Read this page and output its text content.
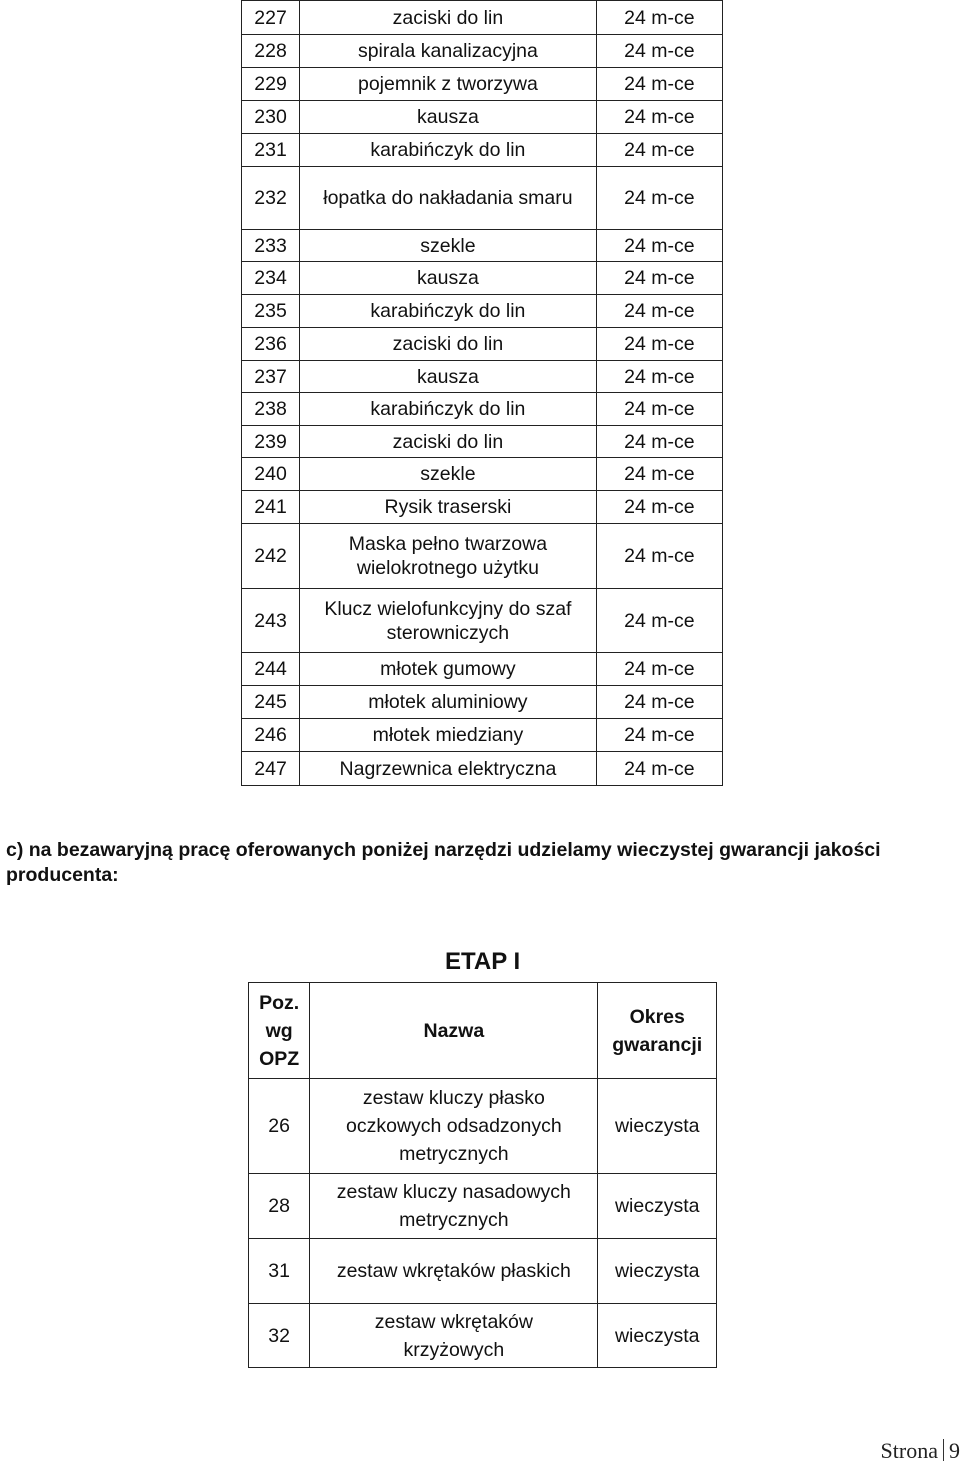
227	zaciski do lin	24 m-ce
228	spirala kanalizacyjna	24 m-ce
229	pojemnik z tworzywa	24 m-ce
230	kausza	24 m-ce
231	karabińczyk do lin	24 m-ce
232	łopatka do nakładania smaru	24 m-ce
233	szekle	24 m-ce
234	kausza	24 m-ce
235	karabińczyk do lin	24 m-ce
236	zaciski do lin	24 m-ce
237	kausza	24 m-ce
238	karabińczyk do lin	24 m-ce
239	zaciski do lin	24 m-ce
240	szekle	24 m-ce
241	Rysik traserski	24 m-ce
242	Maska pełno twarzowa wielokrotnego użytku	24 m-ce
243	Klucz wielofunkcyjny do szaf sterowniczych	24 m-ce
244	młotek gumowy	24 m-ce
245	młotek aluminiowy	24 m-ce
246	młotek miedziany	24 m-ce
247	Nagrzewnica elektryczna	24 m-ce

c) na bezawaryjną pracę oferowanych poniżej narzędzi udzielamy wieczystej gwarancji jakości producenta:

ETAP I

Poz. wg OPZ	Nazwa	Okres gwarancji
26	zestaw kluczy płasko oczkowych odsadzonych metrycznych	wieczysta
28	zestaw kluczy nasadowych metrycznych	wieczysta
31	zestaw wkrętaków płaskich	wieczysta
32	zestaw wkrętaków krzyżowych	wieczysta
Strona 9
